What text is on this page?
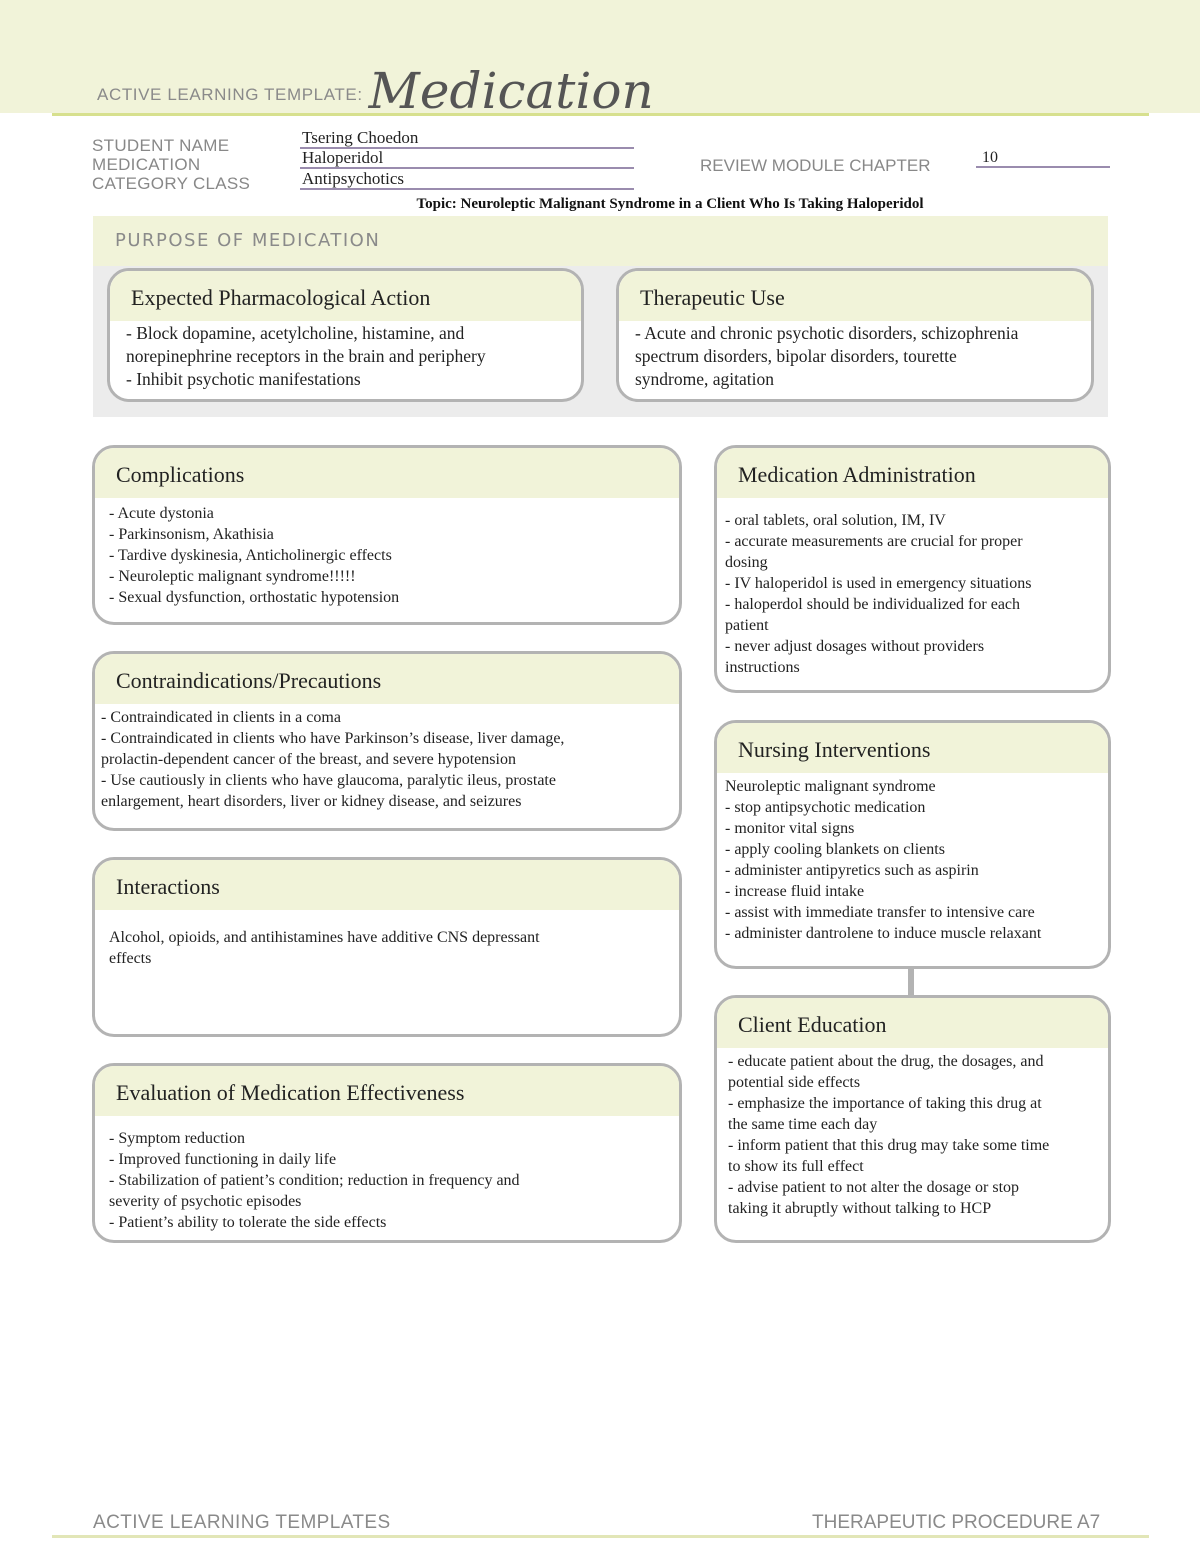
ACTIVE LEARNING TEMPLATE: Medication
STUDENT NAME	Tsering Choedon
MEDICATION	Haloperidol
CATEGORY CLASS	Antipsychotics
REVIEW MODULE CHAPTER	10
Topic: Neuroleptic Malignant Syndrome in a Client Who Is Taking Haloperidol
PURPOSE OF MEDICATION
Expected Pharmacological Action

- Block dopamine, acetylcholine, histamine, and

norepinephrine receptors in the brain and periphery

- Inhibit psychotic manifestations

Therapeutic Use

- Acute and chronic psychotic disorders, schizophrenia

spectrum disorders, bipolar disorders, tourette

syndrome, agitation

Complications

- Acute dystonia

- Parkinsonism, Akathisia

- Tardive dyskinesia, Anticholinergic effects

- Neuroleptic malignant syndrome!!!!!

- Sexual dysfunction, orthostatic hypotension

Contraindications/Precautions

- Contraindicated in clients in a coma

- Contraindicated in clients who have Parkinson’s disease, liver damage,

prolactin-dependent cancer of the breast, and severe hypotension

- Use cautiously in clients who have glaucoma, paralytic ileus, prostate

enlargement, heart disorders, liver or kidney disease, and seizures

Interactions

Alcohol, opioids, and antihistamines have additive CNS depressant

effects

Evaluation of Medication Effectiveness

- Symptom reduction

- Improved functioning in daily life

- Stabilization of patient’s condition; reduction in frequency and

severity of psychotic episodes

- Patient’s ability to tolerate the side effects

Medication Administration

- oral tablets, oral solution, IM, IV

- accurate measurements are crucial for proper

dosing

- IV haloperidol is used in emergency situations

- haloperdol should be individualized for each

patient

- never adjust dosages without providers

instructions

Nursing Interventions

Neuroleptic malignant syndrome

- stop antipsychotic medication

- monitor vital signs

- apply cooling blankets on clients

- administer antipyretics such as aspirin

- increase fluid intake

- assist with immediate transfer to intensive care

- administer dantrolene to induce muscle relaxant

Client Education

- educate patient about the drug, the dosages, and

potential side effects

- emphasize the importance of taking this drug at

the same time each day

- inform patient that this drug may take some time

to show its full effect

- advise patient to not alter the dosage or stop

taking it abruptly without talking to HCP

ACTIVE LEARNING TEMPLATES	THERAPEUTIC PROCEDURE A7
